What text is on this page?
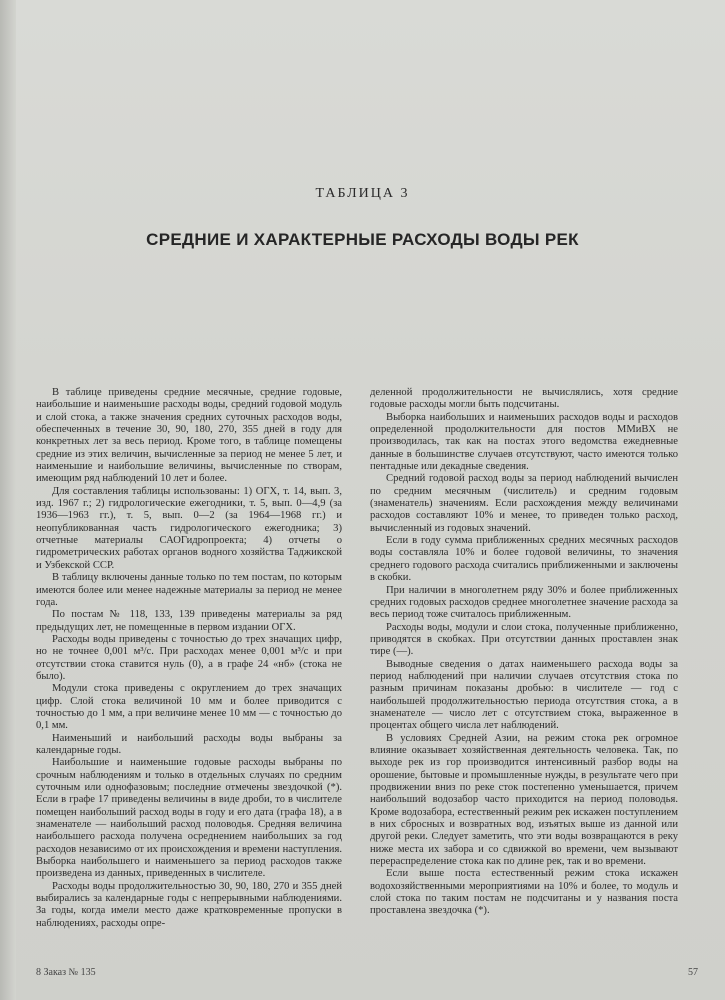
ТАБЛИЦА 3
СРЕДНИЕ И ХАРАКТЕРНЫЕ РАСХОДЫ ВОДЫ РЕК

В таблице приведены средние месячные, средние годовые, наибольшие и наименьшие расходы воды, средний годовой модуль и слой стока, а также значения средних суточных расходов воды, обеспеченных в течение 30, 90, 180, 270, 355 дней в году для конкретных лет за весь период. Кроме того, в таблице помещены средние из этих величин, вычисленные за период не менее 5 лет, и наименьшие и наибольшие величины, вычисленные по створам, имеющим ряд наблюдений 10 лет и более.

Для составления таблицы использованы: 1) ОГХ, т. 14, вып. 3, изд. 1967 г.; 2) гидрологические ежегодники, т. 5, вып. 0—4,9 (за 1936—1963 гг.), т. 5, вып. 0—2 (за 1964—1968 гг.) и неопубликованная часть гидрологического ежегодника; 3) отчетные материалы САОГидропроекта; 4) отчеты о гидрометрических работах органов водного хозяйства Таджикской и Узбекской ССР.

В таблицу включены данные только по тем постам, по которым имеются более или менее надежные материалы за период не менее года.

По постам № 118, 133, 139 приведены материалы за ряд предыдущих лет, не помещенные в первом издании ОГХ.

Расходы воды приведены с точностью до трех значащих цифр, но не точнее 0,001 м³/с. При расходах менее 0,001 м³/с и при отсутствии стока ставится нуль (0), а в графе 24 «нб» (стока не было).

Модули стока приведены с округлением до трех значащих цифр. Слой стока величиной 10 мм и более приводится с точностью до 1 мм, а при величине менее 10 мм — с точностью до 0,1 мм.

Наименьший и наибольший расходы воды выбраны за календарные годы.

Наибольшие и наименьшие годовые расходы выбраны по срочным наблюдениям и только в отдельных случаях по средним суточным или однофазовым; последние отмечены звездочкой (*). Если в графе 17 приведены величины в виде дроби, то в числителе помещен наибольший расход воды в году и его дата (графа 18), а в знаменателе — наибольший расход половодья. Средняя величина наибольшего расхода получена осреднением наибольших за год расходов независимо от их происхождения и времени наступления. Выборка наибольшего и наименьшего за период расходов также произведена из данных, приведенных в числителе.

Расходы воды продолжительностью 30, 90, 180, 270 и 355 дней выбирались за календарные годы с непрерывными наблюдениями. За годы, когда имели место даже кратковременные пропуски в наблюдениях, расходы опре-

деленной продолжительности не вычислялись, хотя средние годовые расходы могли быть подсчитаны.

Выборка наибольших и наименьших расходов воды и расходов определенной продолжительности для постов ММиВХ не производилась, так как на постах этого ведомства ежедневные данные в большинстве случаев отсутствуют, часто имеются только пентадные или декадные сведения.

Средний годовой расход воды за период наблюдений вычислен по средним месячным (числитель) и средним годовым (знаменатель) значениям. Если расхождения между величинами расходов составляют 10% и менее, то приведен только расход, вычисленный из годовых значений.

Если в году сумма приближенных средних месячных расходов воды составляла 10% и более годовой величины, то значения среднего годового расхода считались приближенными и заключены в скобки.

При наличии в многолетнем ряду 30% и более приближенных средних годовых расходов среднее многолетнее значение расхода за весь период тоже считалось приближенным.

Расходы воды, модули и слои стока, полученные приближенно, приводятся в скобках. При отсутствии данных проставлен знак тире (—).

Выводные сведения о датах наименьшего расхода воды за период наблюдений при наличии случаев отсутствия стока по разным причинам показаны дробью: в числителе — год с наибольшей продолжительностью периода отсутствия стока, а в знаменателе — число лет с отсутствием стока, выраженное в процентах общего числа лет наблюдений.

В условиях Средней Азии, на режим стока рек огромное влияние оказывает хозяйственная деятельность человека. Так, по выходе рек из гор производится интенсивный разбор воды на орошение, бытовые и промышленные нужды, в результате чего при продвижении вниз по реке сток постепенно уменьшается, причем наибольший водозабор часто приходится на период половодья. Кроме водозабора, естественный режим рек искажен поступлением в них сбросных и возвратных вод, изъятых выше из данной или другой реки. Следует заметить, что эти воды возвращаются в реку ниже места их забора и со сдвижкой во времени, чем вызывают перераспределение стока как по длине рек, так и во времени.

Если выше поста естественный режим стока искажен водохозяйственными мероприятиями на 10% и более, то модуль и слой стока по таким постам не подсчитаны и у названия поста проставлена звездочка (*).

8 Заказ № 135	57
